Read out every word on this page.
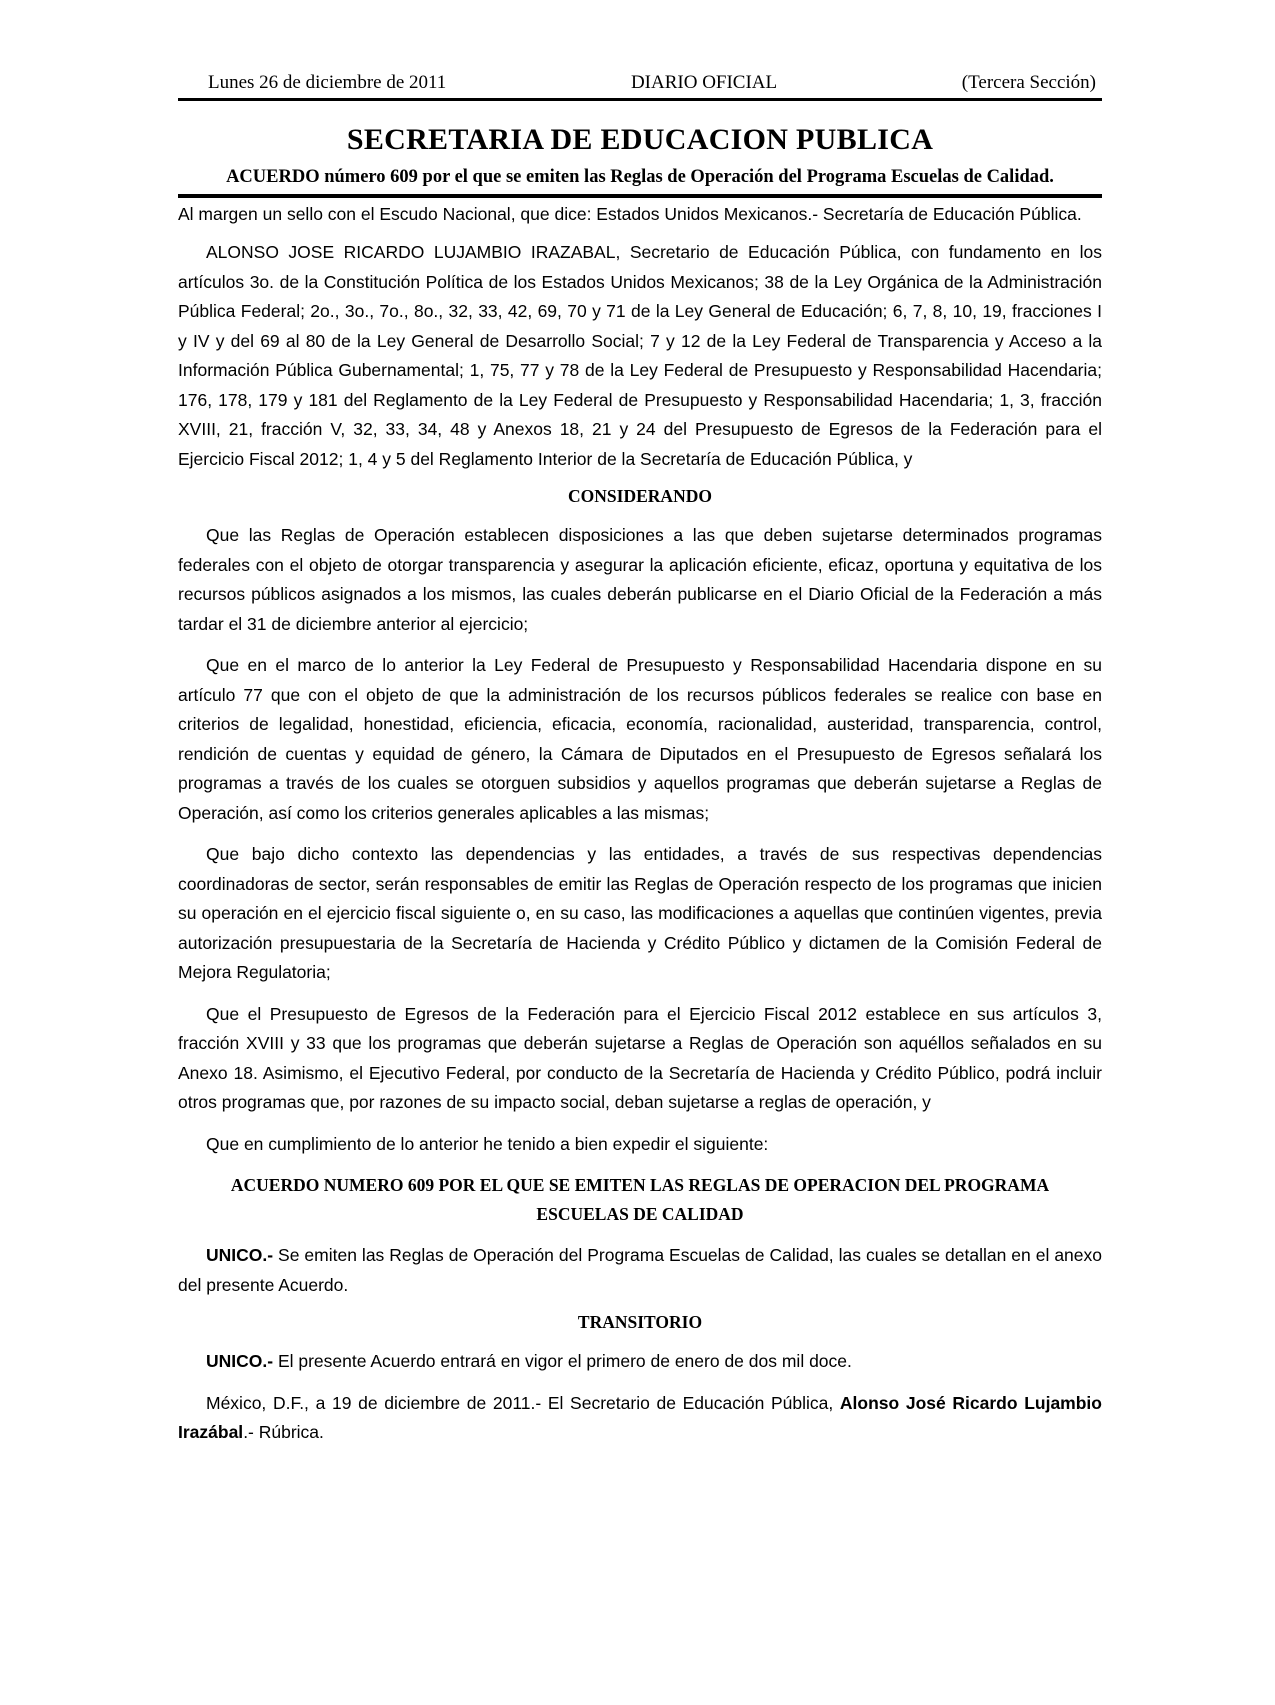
Lunes 26 de diciembre de 2011	DIARIO OFICIAL	(Tercera Sección)
SECRETARIA DE EDUCACION PUBLICA
ACUERDO número 609 por el que se emiten las Reglas de Operación del Programa Escuelas de Calidad.

Al margen un sello con el Escudo Nacional, que dice: Estados Unidos Mexicanos.- Secretaría de Educación Pública.

ALONSO JOSE RICARDO LUJAMBIO IRAZABAL, Secretario de Educación Pública, con fundamento en los artículos 3o. de la Constitución Política de los Estados Unidos Mexicanos; 38 de la Ley Orgánica de la Administración Pública Federal; 2o., 3o., 7o., 8o., 32, 33, 42, 69, 70 y 71 de la Ley General de Educación; 6, 7, 8, 10, 19, fracciones I y IV y del 69 al 80 de la Ley General de Desarrollo Social; 7 y 12 de la Ley Federal de Transparencia y Acceso a la Información Pública Gubernamental; 1, 75, 77 y 78 de la Ley Federal de Presupuesto y Responsabilidad Hacendaria; 176, 178, 179 y 181 del Reglamento de la Ley Federal de Presupuesto y Responsabilidad Hacendaria; 1, 3, fracción XVIII, 21, fracción V, 32, 33, 34, 48 y Anexos 18, 21 y 24 del Presupuesto de Egresos de la Federación para el Ejercicio Fiscal 2012; 1, 4 y 5 del Reglamento Interior de la Secretaría de Educación Pública, y

CONSIDERANDO

Que las Reglas de Operación establecen disposiciones a las que deben sujetarse determinados programas federales con el objeto de otorgar transparencia y asegurar la aplicación eficiente, eficaz, oportuna y equitativa de los recursos públicos asignados a los mismos, las cuales deberán publicarse en el Diario Oficial de la Federación a más tardar el 31 de diciembre anterior al ejercicio;

Que en el marco de lo anterior la Ley Federal de Presupuesto y Responsabilidad Hacendaria dispone en su artículo 77 que con el objeto de que la administración de los recursos públicos federales se realice con base en criterios de legalidad, honestidad, eficiencia, eficacia, economía, racionalidad, austeridad, transparencia, control, rendición de cuentas y equidad de género, la Cámara de Diputados en el Presupuesto de Egresos señalará los programas a través de los cuales se otorguen subsidios y aquellos programas que deberán sujetarse a Reglas de Operación, así como los criterios generales aplicables a las mismas;

Que bajo dicho contexto las dependencias y las entidades, a través de sus respectivas dependencias coordinadoras de sector, serán responsables de emitir las Reglas de Operación respecto de los programas que inicien su operación en el ejercicio fiscal siguiente o, en su caso, las modificaciones a aquellas que continúen vigentes, previa autorización presupuestaria de la Secretaría de Hacienda y Crédito Público y dictamen de la Comisión Federal de Mejora Regulatoria;

Que el Presupuesto de Egresos de la Federación para el Ejercicio Fiscal 2012 establece en sus artículos 3, fracción XVIII y 33 que los programas que deberán sujetarse a Reglas de Operación son aquéllos señalados en su Anexo 18. Asimismo, el Ejecutivo Federal, por conducto de la Secretaría de Hacienda y Crédito Público, podrá incluir otros programas que, por razones de su impacto social, deban sujetarse a reglas de operación, y

Que en cumplimiento de lo anterior he tenido a bien expedir el siguiente:

ACUERDO NUMERO 609 POR EL QUE SE EMITEN LAS REGLAS DE OPERACION DEL PROGRAMA
ESCUELAS DE CALIDAD

UNICO.- Se emiten las Reglas de Operación del Programa Escuelas de Calidad, las cuales se detallan en el anexo del presente Acuerdo.

TRANSITORIO

UNICO.- El presente Acuerdo entrará en vigor el primero de enero de dos mil doce.

México, D.F., a 19 de diciembre de 2011.- El Secretario de Educación Pública, Alonso José Ricardo Lujambio Irazábal.- Rúbrica.
